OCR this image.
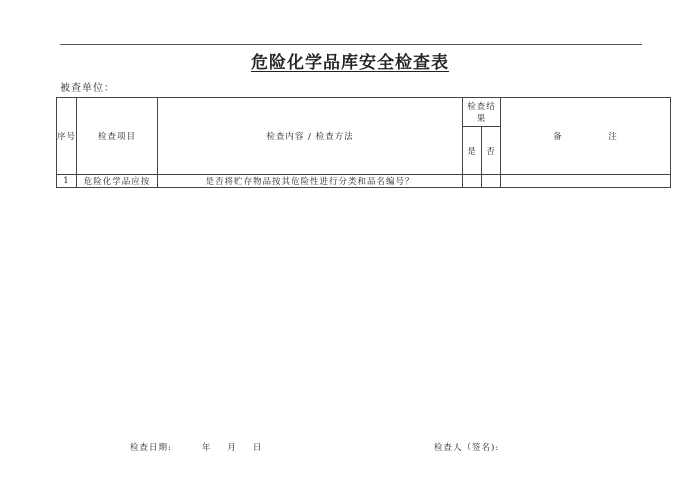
危险化学品库安全检查表
被查单位：
序号	检查项目	检查内容 / 检查方法	检查结果		备 注
			是	否	
1	危险化学品应按	是否将贮存物品按其危险性进行分类和品名编号？			
检查日期:	年 月 日	检查人（签名):
